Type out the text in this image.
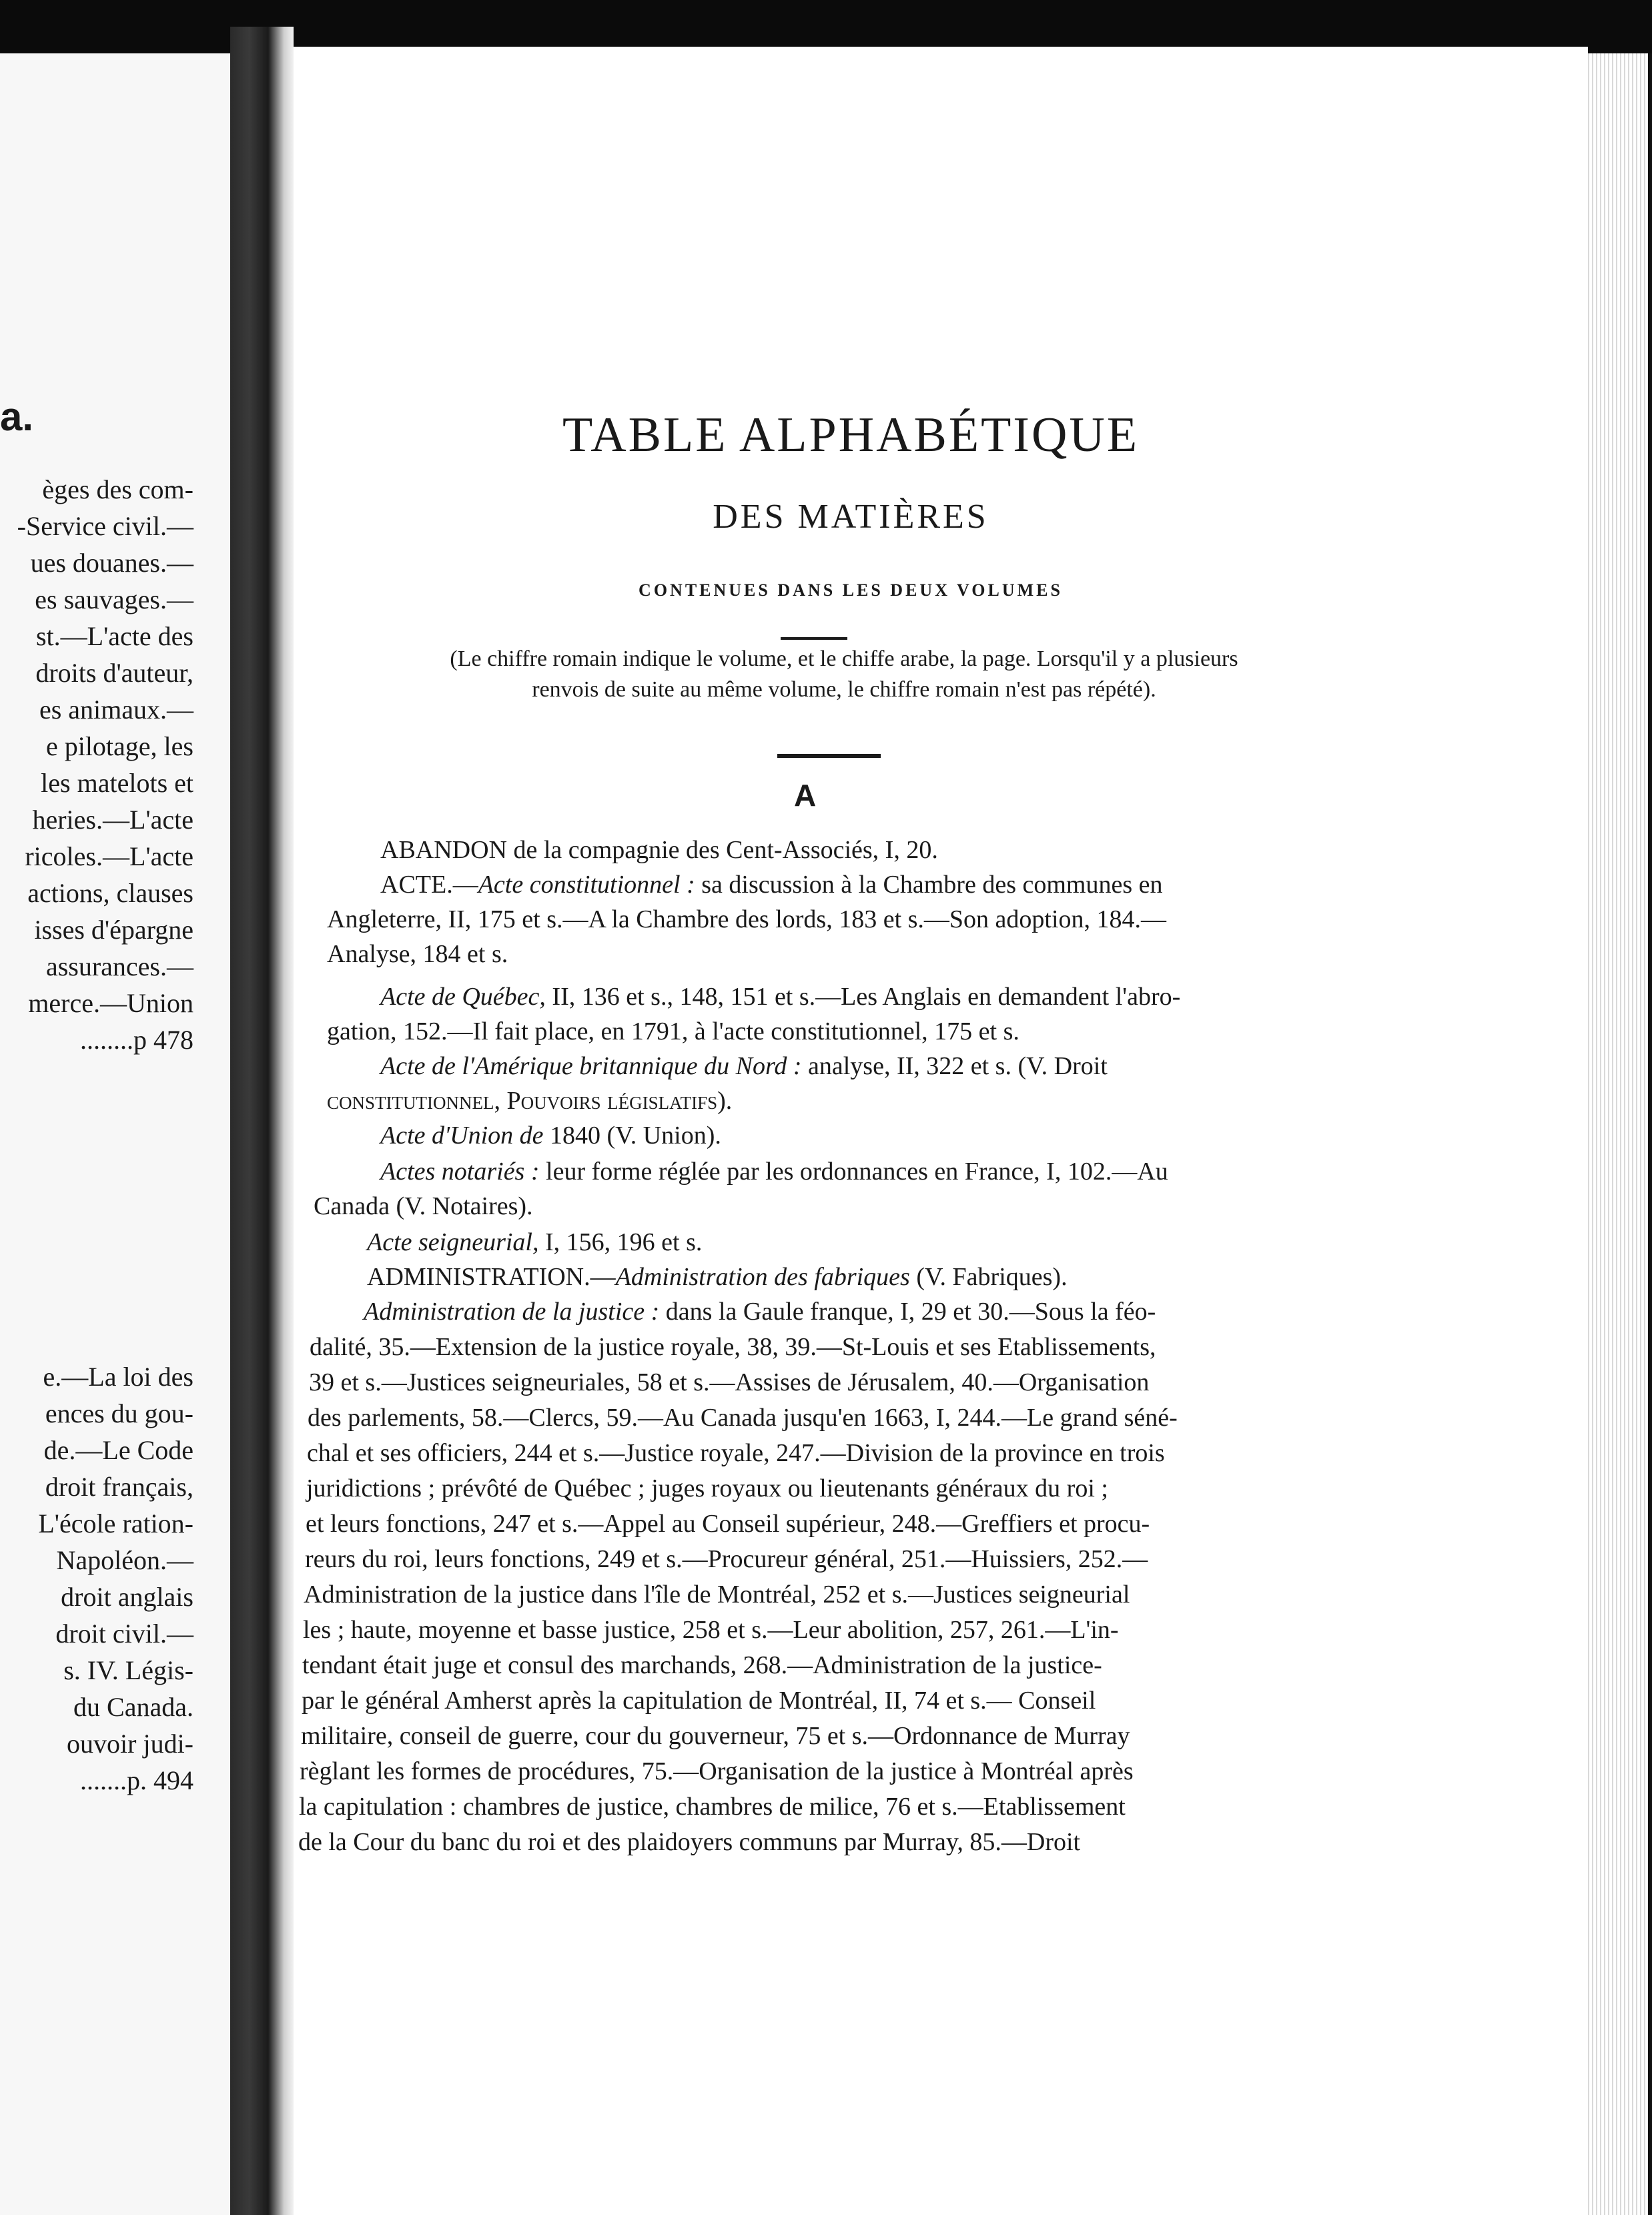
a.
èges des com-
-Service civil.—
ues douanes.—
es sauvages.—
st.—L'acte des
droits d'auteur,
es animaux.—
e pilotage, les
les matelots et
heries.—L'acte
ricoles.—L'acte
actions, clauses
isses d'épargne
assurances.—
merce.—Union
........p 478
e.—La loi des
ences du gou-
de.—Le Code
droit français,
L'école ration-
Napoléon.—
droit anglais
droit civil.—
s. IV. Légis-
du Canada.
ouvoir judi-
.......p. 494
TABLE ALPHABÉTIQUE
DES MATIÈRES
CONTENUES DANS LES DEUX VOLUMES
(Le chiffre romain indique le volume, et le chiffe arabe, la page. Lorsqu'il y a plusieurs
renvois de suite au même volume, le chiffre romain n'est pas répété).
A
ABANDON de la compagnie des Cent-Associés, I, 20.
ACTE.—Acte constitutionnel : sa discussion à la Chambre des communes en
Angleterre, II, 175 et s.—A la Chambre des lords, 183 et s.—Son adoption, 184.—
Analyse, 184 et s.
Acte de Québec, II, 136 et s., 148, 151 et s.—Les Anglais en demandent l'abro-
gation, 152.—Il fait place, en 1791, à l'acte constitutionnel, 175 et s.
Acte de l'Amérique britannique du Nord : analyse, II, 322 et s. (V. Droit
constitutionnel, Pouvoirs législatifs).
Acte d'Union de 1840 (V. Union).
Actes notariés : leur forme réglée par les ordonnances en France, I, 102.—Au
Canada (V. Notaires).
Acte seigneurial, I, 156, 196 et s.
ADMINISTRATION.—Administration des fabriques (V. Fabriques).
Administration de la justice : dans la Gaule franque, I, 29 et 30.—Sous la féo-
dalité, 35.—Extension de la justice royale, 38, 39.—St-Louis et ses Etablissements,
39 et s.—Justices seigneuriales, 58 et s.—Assises de Jérusalem, 40.—Organisation
des parlements, 58.—Clercs, 59.—Au Canada jusqu'en 1663, I, 244.—Le grand séné-
chal et ses officiers, 244 et s.—Justice royale, 247.—Division de la province en trois
juridictions ; prévôté de Québec ; juges royaux ou lieutenants généraux du roi ;
et leurs fonctions, 247 et s.—Appel au Conseil supérieur, 248.—Greffiers et procu-
reurs du roi, leurs fonctions, 249 et s.—Procureur général, 251.—Huissiers, 252.—
Administration de la justice dans l'île de Montréal, 252 et s.—Justices seigneurial
les ; haute, moyenne et basse justice, 258 et s.—Leur abolition, 257, 261.—L'in-
tendant était juge et consul des marchands, 268.—Administration de la justice-
par le général Amherst après la capitulation de Montréal, II, 74 et s.— Conseil
militaire, conseil de guerre, cour du gouverneur, 75 et s.—Ordonnance de Murray
règlant les formes de procédures, 75.—Organisation de la justice à Montréal après
la capitulation : chambres de justice, chambres de milice, 76 et s.—Etablissement
de la Cour du banc du roi et des plaidoyers communs par Murray, 85.—Droit
